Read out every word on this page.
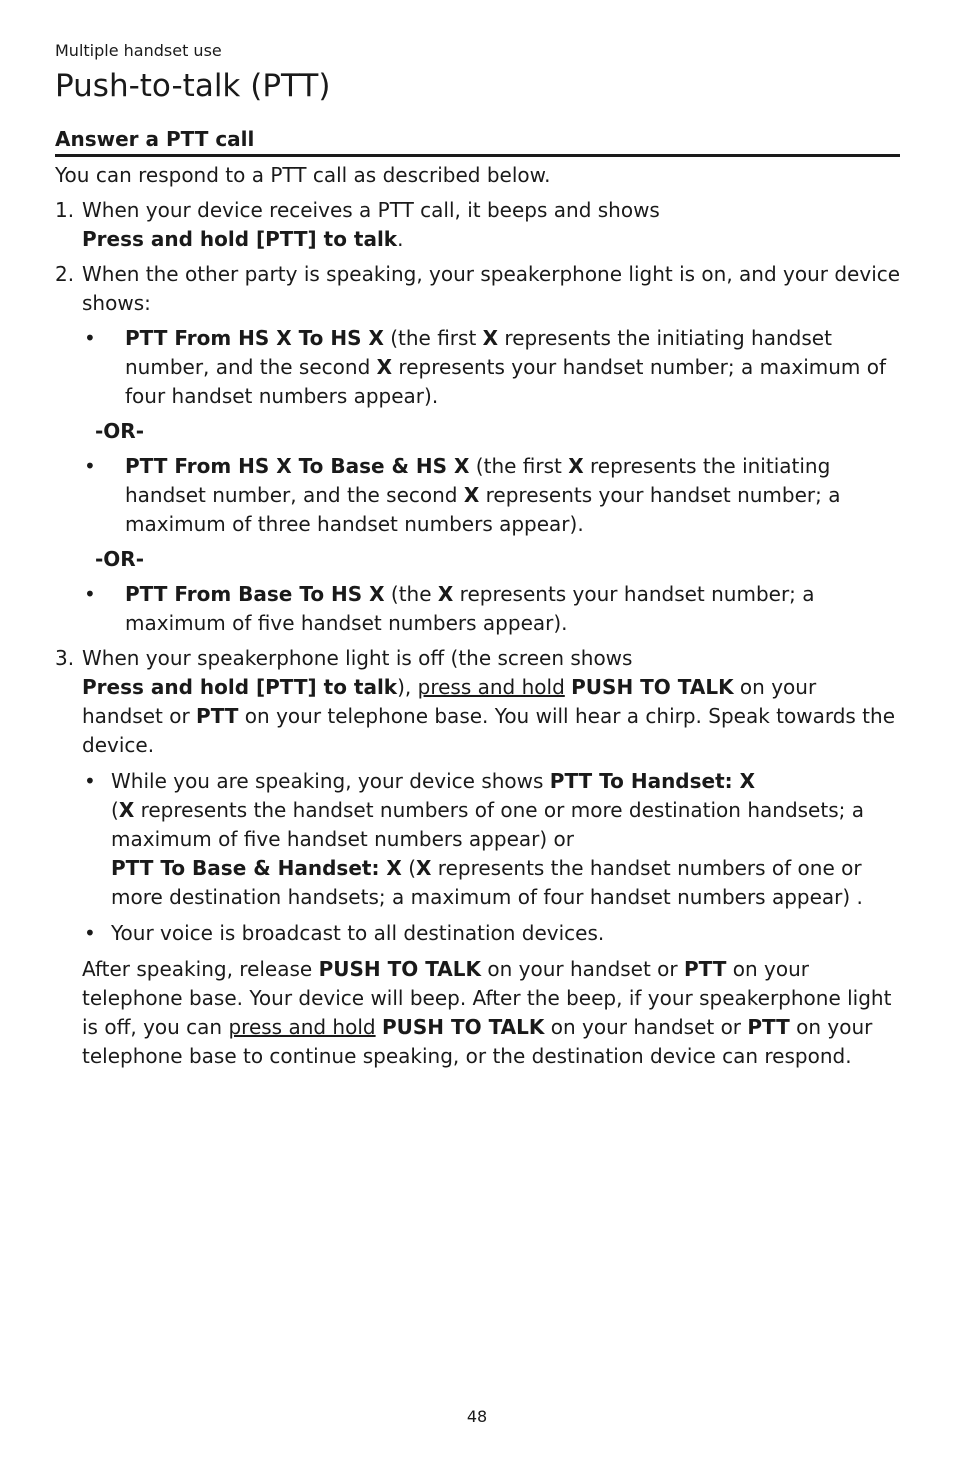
Multiple handset use
Push-to-talk (PTT)
Answer a PTT call

You can respond to a PTT call as described below.

1. When your device receives a PTT call, it beeps and shows
Press and hold [PTT] to talk.
2. When the other party is speaking, your speakerphone light is on, and your device shows:
• PTT From HS X To HS X (the first X represents the initiating handset number, and the second X represents your handset number; a maximum of four handset numbers appear).

-OR-

• PTT From HS X To Base & HS X (the first X represents the initiating handset number, and the second X represents your handset number; a maximum of three handset numbers appear).

-OR-

• PTT From Base To HS X (the X represents your handset number; a maximum of five handset numbers appear).
3. When your speakerphone light is off (the screen shows
Press and hold [PTT] to talk), press and hold PUSH TO TALK on your handset or PTT on your telephone base. You will hear a chirp. Speak towards the device.
• While you are speaking, your device shows PTT To Handset: X
(X represents the handset numbers of one or more destination handsets; a maximum of five handset numbers appear) or
PTT To Base & Handset: X (X represents the handset numbers of one or more destination handsets; a maximum of four handset numbers appear) .
• Your voice is broadcast to all destination devices.

After speaking, release PUSH TO TALK on your handset or PTT on your telephone base. Your device will beep. After the beep, if your speakerphone light is off, you can press and hold PUSH TO TALK on your handset or PTT on your telephone base to continue speaking, or the destination device can respond.

48
